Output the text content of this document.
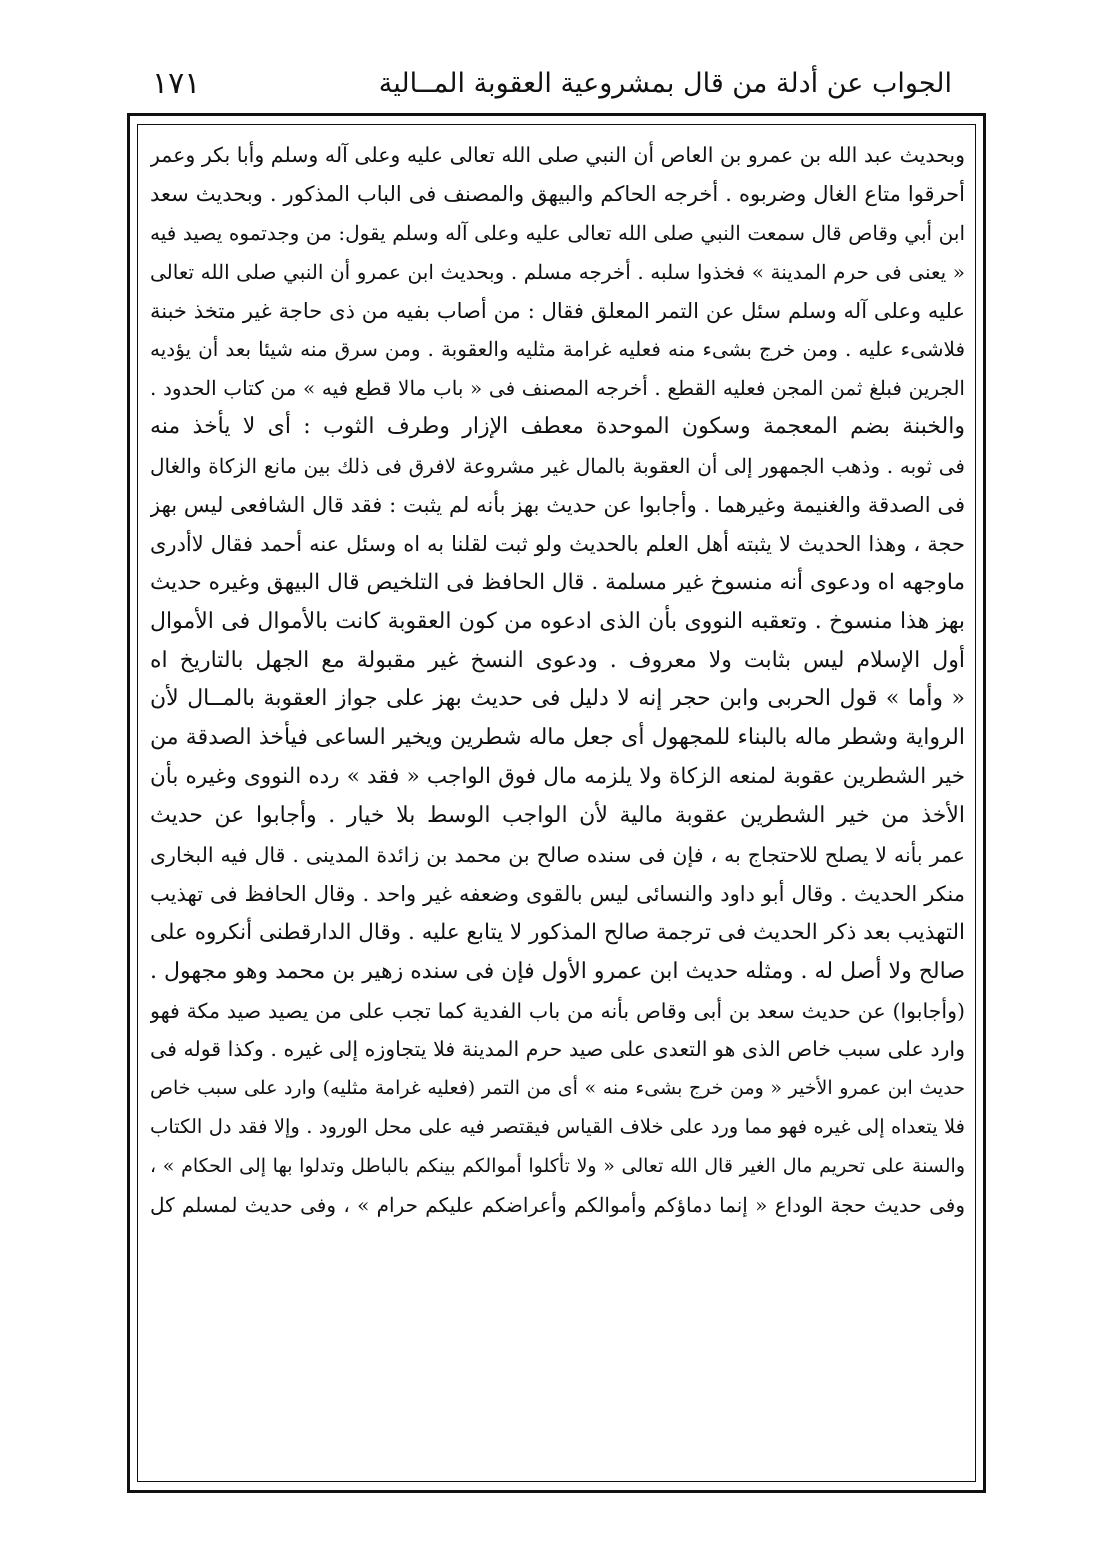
الجواب عن أدلة من قال بمشروعية العقوبة المــالية
١٧١
وبحديث عبد الله بن عمرو بن العاص أن النبي صلى الله تعالى عليه وعلى آله وسلم وأبا بكر وعمر
أحرقوا متاع الغال وضربوه . أخرجه الحاكم والبيهق والمصنف فى الباب المذكور . وبحديث سعد
ابن أبي وقاص قال سمعت النبي صلى الله تعالى عليه وعلى آله وسلم يقول: من وجدتموه يصيد فيه
« يعنى فى حرم المدينة » فخذوا سلبه . أخرجه مسلم . وبحديث ابن عمرو أن النبي صلى الله تعالى
عليه وعلى آله وسلم سئل عن التمر المعلق فقال : من أصاب بفيه من ذى حاجة غير متخذ خبنة
فلاشىء عليه . ومن خرج بشىء منه فعليه غرامة مثليه والعقوبة . ومن سرق منه شيئا بعد أن يؤديه
الجرين فبلغ ثمن المجن فعليه القطع . أخرجه المصنف فى « باب مالا قطع فيه » من كتاب الحدود .
والخبنة بضم المعجمة وسكون الموحدة معطف الإزار وطرف الثوب : أى لا يأخذ منه
فى ثوبه . وذهب الجمهور إلى أن العقوبة بالمال غير مشروعة لافرق فى ذلك بين مانع الزكاة والغال
فى الصدقة والغنيمة وغيرهما . وأجابوا عن حديث بهز بأنه لم يثبت : فقد قال الشافعى ليس بهز
حجة ، وهذا الحديث لا يثبته أهل العلم بالحديث ولو ثبت لقلنا به اه وسئل عنه أحمد فقال لاأدرى
ماوجهه اه ودعوى أنه منسوخ غير مسلمة . قال الحافظ فى التلخيص قال البيهق وغيره حديث
بهز هذا منسوخ . وتعقبه النووى بأن الذى ادعوه من كون العقوبة كانت بالأموال فى الأموال
أول الإسلام ليس بثابت ولا معروف . ودعوى النسخ غير مقبولة مع الجهل بالتاريخ اه
« وأما » قول الحربى وابن حجر إنه لا دليل فى حديث بهز على جواز العقوبة بالمــال لأن
الرواية وشطر ماله بالبناء للمجهول أى جعل ماله شطرين ويخير الساعى فيأخذ الصدقة من
خير الشطرين عقوبة لمنعه الزكاة ولا يلزمه مال فوق الواجب « فقد » رده النووى وغيره بأن
الأخذ من خير الشطرين عقوبة مالية لأن الواجب الوسط بلا خيار . وأجابوا عن حديث
عمر بأنه لا يصلح للاحتجاج به ، فإن فى سنده صالح بن محمد بن زائدة المدينى . قال فيه البخارى
منكر الحديث . وقال أبو داود والنسائى ليس بالقوى وضعفه غير واحد . وقال الحافظ فى تهذيب
التهذيب بعد ذكر الحديث فى ترجمة صالح المذكور لا يتابع عليه . وقال الدارقطنى أنكروه على
صالح ولا أصل له . ومثله حديث ابن عمرو الأول فإن فى سنده زهير بن محمد وهو مجهول .
(وأجابوا) عن حديث سعد بن أبى وقاص بأنه من باب الفدية كما تجب على من يصيد صيد مكة فهو
وارد على سبب خاص الذى هو التعدى على صيد حرم المدينة فلا يتجاوزه إلى غيره . وكذا قوله فى
حديث ابن عمرو الأخير « ومن خرج بشىء منه » أى من التمر (فعليه غرامة مثليه) وارد على سبب خاص
فلا يتعداه إلى غيره فهو مما ورد على خلاف القياس فيقتصر فيه على محل الورود . وإلا فقد دل الكتاب
والسنة على تحريم مال الغير قال الله تعالى « ولا تأكلوا أموالكم بينكم بالباطل وتدلوا بها إلى الحكام » ،
وفى حديث حجة الوداع « إنما دماؤكم وأموالكم وأعراضكم عليكم حرام » ، وفى حديث لمسلم كل
